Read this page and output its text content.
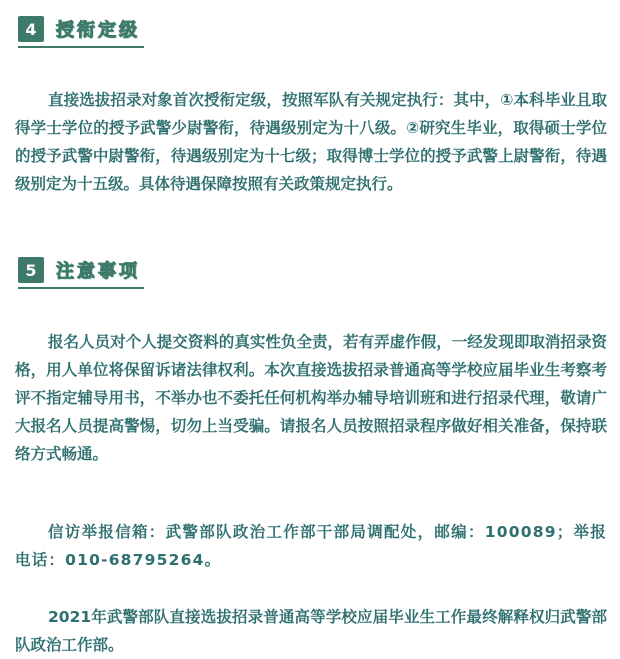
4	授衔定级

直接选拔招录对象首次授衔定级，按照军队有关规定执行：其中，①本科毕业且取得学士学位的授予武警少尉警衔，待遇级别定为十八级。②研究生毕业，取得硕士学位的授予武警中尉警衔，待遇级别定为十七级；取得博士学位的授予武警上尉警衔，待遇级别定为十五级。具体待遇保障按照有关政策规定执行。

5	注意事项

报名人员对个人提交资料的真实性负全责，若有弄虚作假，一经发现即取消招录资格，用人单位将保留诉诸法律权利。本次直接选拔招录普通高等学校应届毕业生考察考评不指定辅导用书，不举办也不委托任何机构举办辅导培训班和进行招录代理，敬请广大报名人员提高警惕，切勿上当受骗。请报名人员按照招录程序做好相关准备，保持联络方式畅通。

信访举报信箱：武警部队政治工作部干部局调配处，邮编：100089；举报电话：010-68795264。

2021年武警部队直接选拔招录普通高等学校应届毕业生工作最终解释权归武警部队政治工作部。
